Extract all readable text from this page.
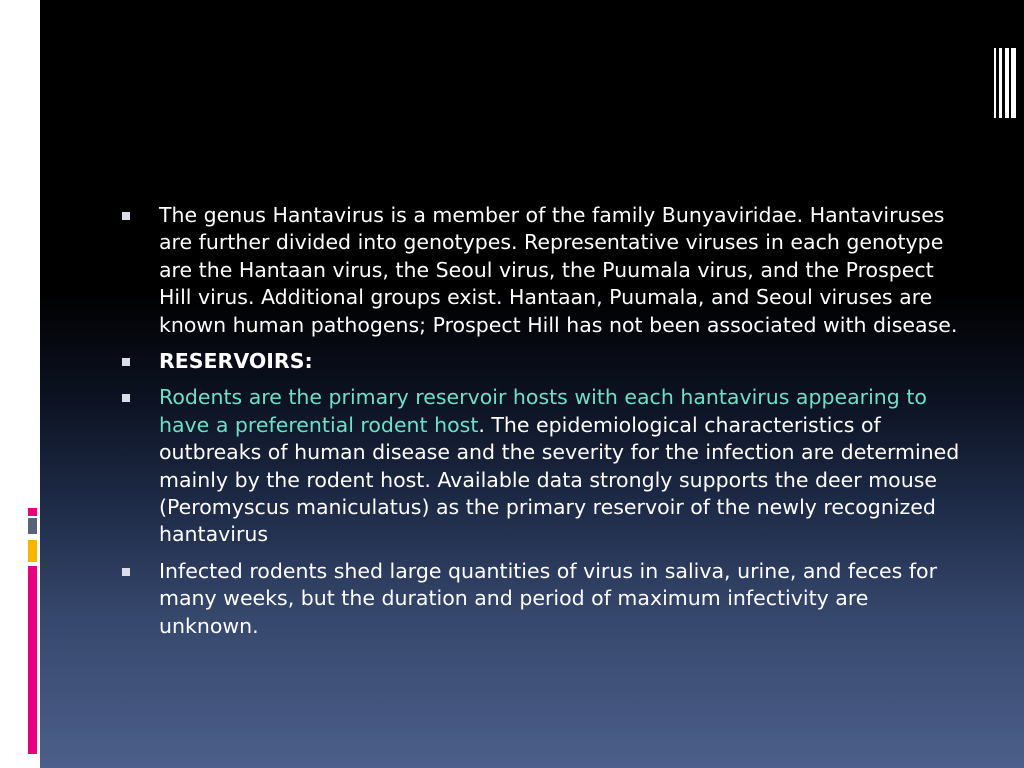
The genus Hantavirus is a member of the family Bunyaviridae. Hantaviruses are further divided into genotypes. Representative viruses in each genotype are the Hantaan virus, the Seoul virus, the Puumala virus, and the Prospect Hill virus. Additional groups exist. Hantaan, Puumala, and Seoul viruses are known human pathogens; Prospect Hill has not been associated with disease.
RESERVOIRS:
Rodents are the primary reservoir hosts with each hantavirus appearing to have a preferential rodent host. The epidemiological characteristics of outbreaks of human disease and the severity for the infection are determined mainly by the rodent host. Available data strongly supports the deer mouse (Peromyscus maniculatus) as the primary reservoir of the newly recognized hantavirus
Infected rodents shed large quantities of virus in saliva, urine, and feces for many weeks, but the duration and period of maximum infectivity are unknown.
